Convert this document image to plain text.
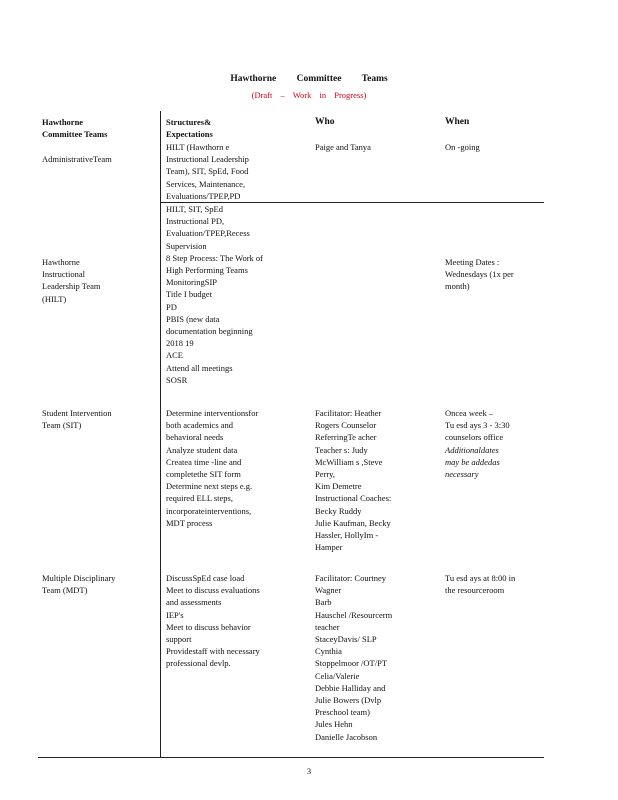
Hawthorne Committee Teams
(Draft – Work in Progress)
Hawthorne
Committee Teams
Structures&
Expectations
Who	When
AdministrativeTeam
HILT (Hawthorn e
Instructional Leadership
Team), SIT, SpEd, Food
Services, Maintenance,
Evaluations/TPEP,PD
Paige and Tanya	On -going
Hawthorne
Instructional
Leadership Team
(HILT)
HILT, SIT, SpEd
Instructional PD,
Evaluation/TPEP,Recess
Supervision
8 Step Process: The Work of
High Performing Teams
MonitoringSIP
Title I budget
PD
PBIS (new data
documentation beginning
2018 19
ACE
Attend all meetings
SOSR
Meeting Dates :
Wednesdays (1x per
month)
Student Intervention
Team (SIT)
Determine interventionsfor
both academics and
behavioral needs
Analyze student data
Createa time -line and
completethe SIT form
Determine next steps e.g.
required ELL steps,
incorporateinterventions,
MDT process
Facilitator: Heather
Rogers Counselor
ReferringTe acher
Teacher s: Judy
McWilliam s ,Steve
Perry,
Kim Demetre
Instructional Coaches:
Becky Ruddy
Julie Kaufman, Becky
Hassler, HollyIm -
Hamper
Oncea week –
Tu esd ays 3 - 3:30
counselors office
Additionaldates
may be addedas
necessary
Multiple Disciplinary
Team (MDT)
DiscussSpEd case load
Meet to discuss evaluations
and assessments
IEP's
Meet to discuss behavior
support
Providestaff with necessary
professional devlp.
Facilitator: Courtney
Wagner
Barb
Hauschel /Resourcerm
teacher
StaceyDavis/ SLP
Cynthia
Stoppelmoor /OT/PT
Celia/Valerie
Debbie Halliday and
Julie Bowers (Dvlp
Preschool team)
Jules Hehn
Danielle Jacobson
Tu esd ays at 8:00 in
the resourceroom
3
